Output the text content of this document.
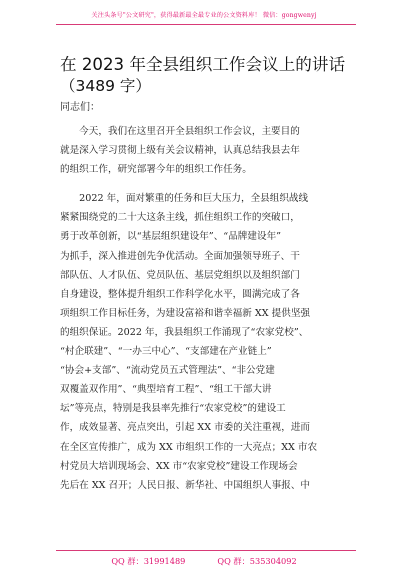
关注头条号"公文研究"，获得最新最全最专业的公文资料库！ 微信：gongwenyj
在 2023 年全县组织工作会议上的讲话
（3489 字）
同志们：
　　今天，我们在这里召开全县组织工作会议，主要目的
就是深入学习贯彻上级有关会议精神，认真总结我县去年
的组织工作，研究部署今年的组织工作任务。
　　2022 年，面对繁重的任务和巨大压力，全县组织战线
紧紧围绕党的二十大这条主线，抓住组织工作的突破口，
勇于改革创新，以“基层组织建设年”、“品牌建设年”
为抓手，深入推进创先争优活动。全面加强领导班子、干
部队伍、人才队伍、党员队伍、基层党组织以及组织部门
自身建设，整体提升组织工作科学化水平，圆满完成了各
项组织工作目标任务，为建设富裕和谐幸福新 XX 提供坚强
的组织保证。2022 年，我县组织工作涌现了“农家党校”、
“村企联建”、“一办三中心”、“支部建在产业链上”
“协会+支部”、“流动党员五式管理法”、“非公党建
双覆盖双作用”、“典型培育工程”、“组工干部大讲
坛”等亮点，特别是我县率先推行“农家党校”的建设工
作，成效显著、亮点突出，引起 XX 市委的关注重视，进而
在全区宣传推广，成为 XX 市组织工作的一大亮点；XX 市农
村党员大培训现场会、XX 市“农家党校”建设工作现场会
先后在 XX 召开；人民日报、新华社、中国组织人事报、中
QQ 群：31991489	QQ 群：535304092
